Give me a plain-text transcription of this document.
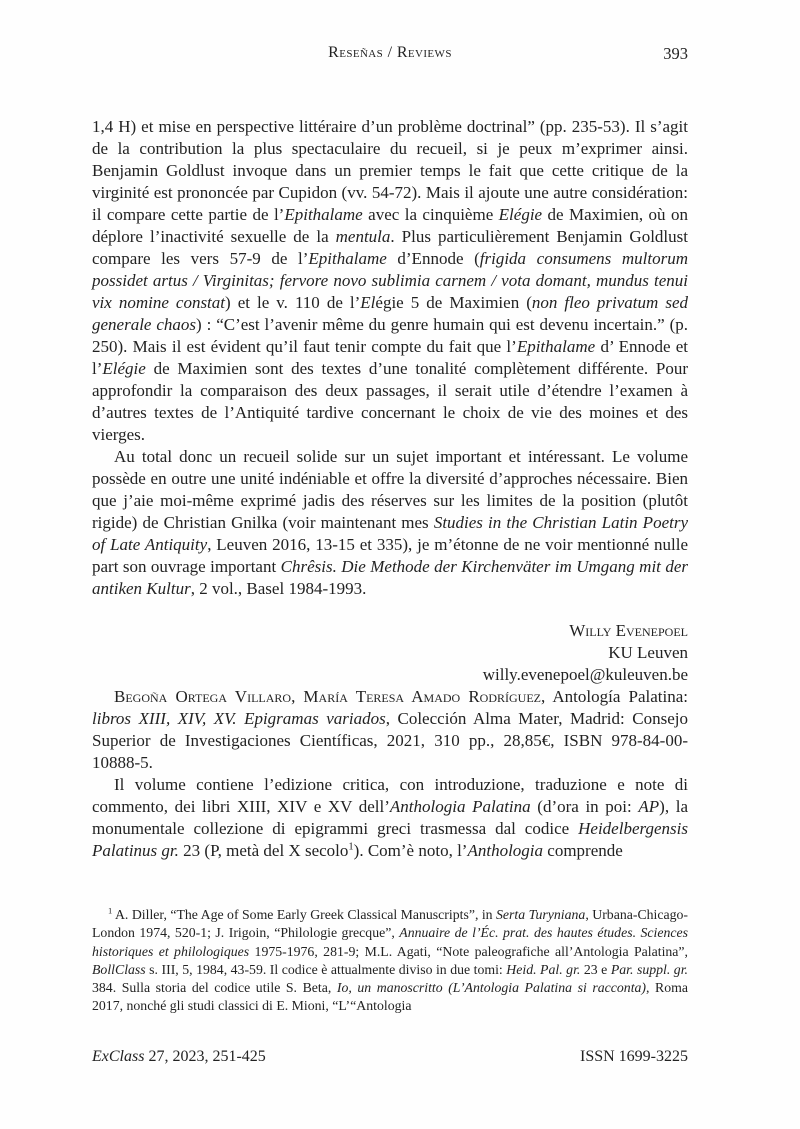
Reseñas / Reviews	393

1,4 H) et mise en perspective littéraire d’un problème doctrinal” (pp. 235-53). Il s’agit de la contribution la plus spectaculaire du recueil, si je peux m’exprimer ainsi. Benjamin Goldlust invoque dans un premier temps le fait que cette critique de la virginité est prononcée par Cupidon (vv. 54-72). Mais il ajoute une autre considération: il compare cette partie de l’Epithalame avec la cinquième Elégie de Maximien, où on déplore l’inactivité sexuelle de la mentula. Plus particulièrement Benjamin Goldlust compare les vers 57-9 de l’Epithalame d’Ennode (frigida consumens multorum possidet artus / Virginitas; fervore novo sublimia carnem / vota domant, mundus tenui vix nomine constat) et le v. 110 de l’Elégie 5 de Maximien (non fleo privatum sed generale chaos) : “C’est l’avenir même du genre humain qui est devenu incertain.” (p. 250). Mais il est évident qu’il faut tenir compte du fait que l’Epithalame d’ Ennode et l’Elégie de Maximien sont des textes d’une tonalité complètement différente. Pour approfondir la comparaison des deux passages, il serait utile d’étendre l’examen à d’autres textes de l’Antiquité tardive concernant le choix de vie des moines et des vierges.

Au total donc un recueil solide sur un sujet important et intéressant. Le volume possède en outre une unité indéniable et offre la diversité d’approches nécessaire. Bien que j’aie moi-même exprimé jadis des réserves sur les limites de la position (plutôt rigide) de Christian Gnilka (voir maintenant mes Studies in the Christian Latin Poetry of Late Antiquity, Leuven 2016, 13-15 et 335), je m’étonne de ne voir mentionné nulle part son ouvrage important Chrêsis. Die Methode der Kirchenväter im Umgang mit der antiken Kultur, 2 vol., Basel 1984-1993.

Willy Evenepoel
KU Leuven
willy.evenepoel@kuleuven.be

Begoña Ortega Villaro, María Teresa Amado Rodríguez, Antología Palatina: libros XIII, XIV, XV. Epigramas variados, Colección Alma Mater, Madrid: Consejo Superior de Investigaciones Científicas, 2021, 310 pp., 28,85€, ISBN 978-84-00-10888-5.

Il volume contiene l’edizione critica, con introduzione, traduzione e note di commento, dei libri XIII, XIV e XV dell’Anthologia Palatina (d’ora in poi: AP), la monumentale collezione di epigrammi greci trasmessa dal codice Heidelbergensis Palatinus gr. 23 (P, metà del X secolo$^1$). Com’è noto, l’Anthologia comprende

$^1$ A. Diller, “The Age of Some Early Greek Classical Manuscripts”, in Serta Turyniana, Urbana-Chicago-London 1974, 520-1; J. Irigoin, “Philologie grecque”, Annuaire de l’Éc. prat. des hautes études. Sciences historiques et philologiques 1975-1976, 281-9; M.L. Agati, “Note paleografiche all’Antologia Palatina”, BollClass s. III, 5, 1984, 43-59. Il codice è attualmente diviso in due tomi: Heid. Pal. gr. 23 e Par. suppl. gr. 384. Sulla storia del codice utile S. Beta, Io, un manoscritto (L’Antologia Palatina si racconta), Roma 2017, nonché gli studi classici di E. Mioni, “L’“Antologia

ExClass 27, 2023, 251-425	ISSN 1699-3225
